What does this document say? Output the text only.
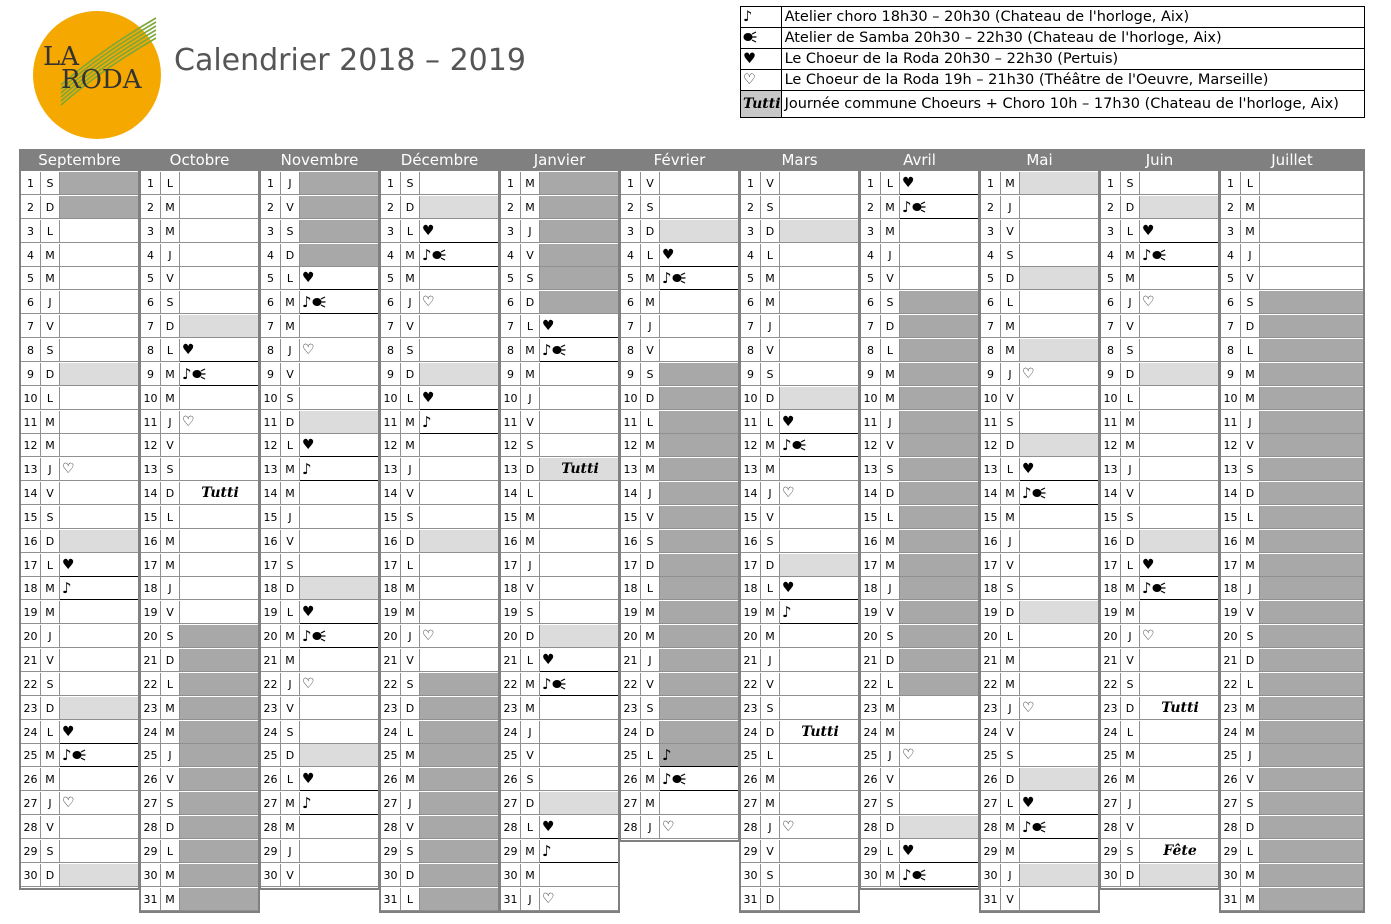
LA
RODA
Calendrier 2018 – 2019
♪	Atelier choro 18h30 – 20h30 (Chateau de l'horloge, Aix)
	Atelier de Samba 20h30 – 22h30 (Chateau de l'horloge, Aix)
♥	Le Choeur de la Roda 20h30 – 22h30 (Pertuis)
♡	Le Choeur de la Roda 19h – 21h30 (Théâtre de l'Oeuvre, Marseille)
Tutti	Journée commune Choeurs + Choro 10h – 17h30 (Chateau de l'horloge, Aix)
Septembre
1	S
2	D
3	L
4	M
5	M
6	J
7	V
8	S
9	D
10 L
11 M
12 M
13 J ♡
14 V
15 S
16 D
17 L ♥
18 M ♪
19 M
20 J
21 V
22 S
23 D
24 L ♥
25 M ♪
26 M
27 J ♡
28 V
29 S
30 D
Octobre
1	L
2	M
3	M
4	J
5	V
6	S
7	D
8	L ♥
9	M ♪
10 M
11 J ♡
12 V
13 S
14 D	Tutti
15 L
16 M
17 M
18 J
19 V
20 S
21 D
22 L
23 M
24 M
25 J
26 V
27 S
28 D
29 L
30 M
31 M
Novembre
1	J
2	V
3	S
4	D
5	L ♥
6	M ♪
7	M
8	J ♡
9	V
10 S
11 D
12 L ♥
13 M ♪
14 M
15 J
16 V
17 S
18 D
19 L ♥
20 M ♪
21 M
22 J ♡
23 V
24 S
25 D
26 L ♥
27 M ♪
28 M
29 J
30 V
Décembre
1	S
2	D
3	L ♥
4	M ♪
5	M
6	J ♡
7	V
8	S
9	D
10 L ♥
11 M ♪
12 M
13 J
14 V
15 S
16 D
17 L
18 M
19 M
20 J ♡
21 V
22 S
23 D
24 L
25 M
26 M
27 J
28 V
29 S
30 D
31 L
Janvier
1	M
2	M
3	J
4	V
5	S
6	D
7	L ♥
8	M ♪
9	M
10 J
11 V
12 S
13 D	Tutti
14 L
15 M
16 M
17 J
18 V
19 S
20 D
21 L ♥
22 M ♪
23 M
24 J
25 V
26 S
27 D
28 L ♥
29 M ♪
30 M
31 J ♡
Février
1	V
2	S
3	D
4	L ♥
5	M ♪
6	M
7	J
8	V
9	S
10 D
11 L
12 M
13 M
14 J
15 V
16 S
17 D
18 L
19 M
20 M
21 J
22 V
23 S
24 D
25 L ♪
26 M ♪
27 M
28 J ♡
Mars
1	V
2	S
3	D
4	L
5	M
6	M
7	J
8	V
9	S
10 D
11 L ♥
12 M ♪
13 M
14 J ♡
15 V
16 S
17 D
18 L ♥
19 M ♪
20 M
21 J
22 V
23 S
24 D	Tutti
25 L
26 M
27 M
28 J ♡
29 V
30 S
31 D
Avril
1	L ♥
2	M ♪
3	M
4	J
5	V
6	S
7	D
8	L
9	M
10 M
11 J
12 V
13 S
14 D
15 L
16 M
17 M
18 J
19 V
20 S
21 D
22 L
23 M
24 M
25 J ♡
26 V
27 S
28 D
29 L ♥
30 M ♪
Mai
1	M
2	J
3	V
4	S
5	D
6	L
7	M
8	M
9	J ♡
10 V
11 S
12 D
13 L ♥
14 M ♪
15 M
16 J
17 V
18 S
19 D
20 L
21 M
22 M
23 J ♡
24 V
25 S
26 D
27 L ♥
28 M ♪
29 M
30 J
31 V
Juin
1	S
2	D
3	L ♥
4	M ♪
5	M
6	J ♡
7	V
8	S
9	D
10 L
11 M
12 M
13 J
14 V
15 S
16 D
17 L ♥
18 M ♪
19 M
20 J ♡
21 V
22 S
23 D	Tutti
24 L
25 M
26 M
27 J
28 V
29 S	Fête
30 D
Juillet
1	L
2	M
3	M
4	J
5	V
6	S
7	D
8	L
9	M
10 M
11 J
12 V
13 S
14 D
15 L
16 M
17 M
18 J
19 V
20 S
21 D
22 L
23 M
24 M
25 J
26 V
27 S
28 D
29 L
30 M
31 M
